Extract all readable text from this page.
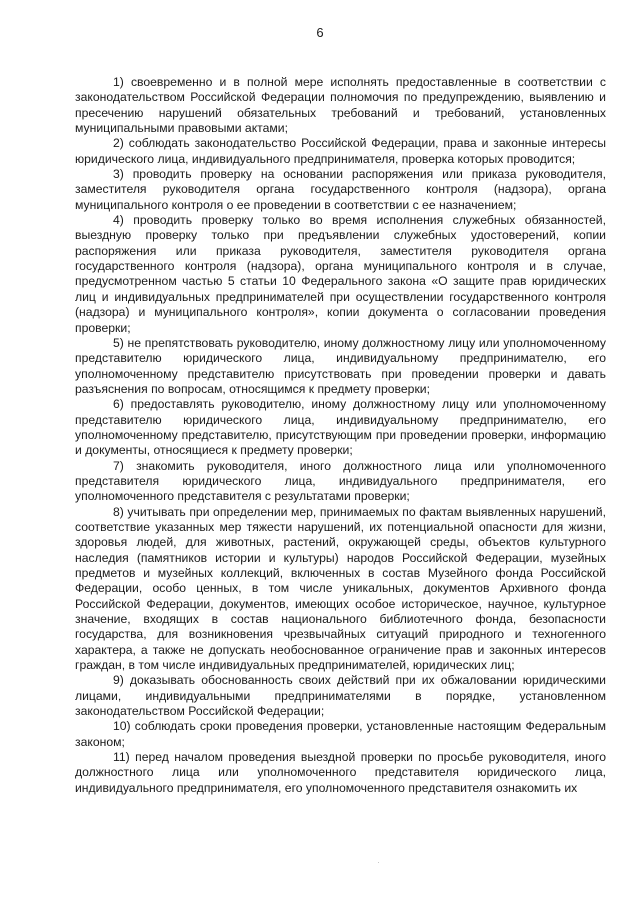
6

1) своевременно и в полной мере исполнять предоставленные в соответствии с законодательством Российской Федерации полномочия по предупреждению, выявлению и пресечению нарушений обязательных требований и требований, установленных муниципальными правовыми актами;

2) соблюдать законодательство Российской Федерации, права и законные интересы юридического лица, индивидуального предпринимателя, проверка которых проводится;

3) проводить проверку на основании распоряжения или приказа руководителя, заместителя руководителя органа государственного контроля (надзора), органа муниципального контроля о ее проведении в соответствии с ее назначением;

4) проводить проверку только во время исполнения служебных обязанностей, выездную проверку только при предъявлении служебных удостоверений, копии распоряжения или приказа руководителя, заместителя руководителя органа государственного контроля (надзора), органа муниципального контроля и в случае, предусмотренном частью 5 статьи 10 Федерального закона «О защите прав юридических лиц и индивидуальных предпринимателей при осуществлении государственного контроля (надзора) и муниципального контроля», копии документа о согласовании проведения проверки;

5) не препятствовать руководителю, иному должностному лицу или уполномоченному представителю юридического лица, индивидуальному предпринимателю, его уполномоченному представителю присутствовать при проведении проверки и давать разъяснения по вопросам, относящимся к предмету проверки;

6) предоставлять руководителю, иному должностному лицу или уполномоченному представителю юридического лица, индивидуальному предпринимателю, его уполномоченному представителю, присутствующим при проведении проверки, информацию и документы, относящиеся к предмету проверки;

7) знакомить руководителя, иного должностного лица или уполномоченного представителя юридического лица, индивидуального предпринимателя, его уполномоченного представителя с результатами проверки;

8) учитывать при определении мер, принимаемых по фактам выявленных нарушений, соответствие указанных мер тяжести нарушений, их потенциальной опасности для жизни, здоровья людей, для животных, растений, окружающей среды, объектов культурного наследия (памятников истории и культуры) народов Российской Федерации, музейных предметов и музейных коллекций, включенных в состав Музейного фонда Российской Федерации, особо ценных, в том числе уникальных, документов Архивного фонда Российской Федерации, документов, имеющих особое историческое, научное, культурное значение, входящих в состав национального библиотечного фонда, безопасности государства, для возникновения чрезвычайных ситуаций природного и техногенного характера, а также не допускать необоснованное ограничение прав и законных интересов граждан, в том числе индивидуальных предпринимателей, юридических лиц;

9) доказывать обоснованность своих действий при их обжаловании юридическими лицами, индивидуальными предпринимателями в порядке, установленном законодательством Российской Федерации;

10) соблюдать сроки проведения проверки, установленные настоящим Федеральным законом;

11) перед началом проведения выездной проверки по просьбе руководителя, иного должностного лица или уполномоченного представителя юридического лица, индивидуального предпринимателя, его уполномоченного представителя ознакомить их
